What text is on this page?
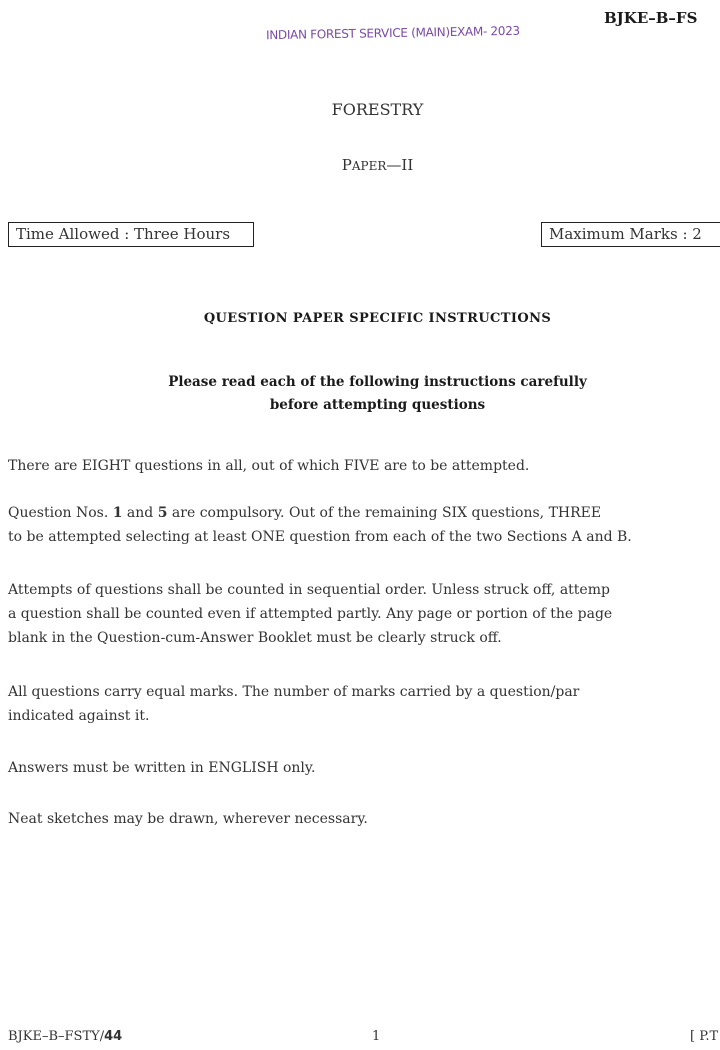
INDIAN FOREST SERVICE (MAIN)EXAM- 2023
BJKE–B–FS
FORESTRY
PAPER—II
Time Allowed : Three Hours	Maximum Marks : 2
QUESTION PAPER SPECIFIC INSTRUCTIONS
Please read each of the following instructions carefully
before attempting questions
There are EIGHT questions in all, out of which FIVE are to be attempted.
Question Nos. 1 and 5 are compulsory. Out of the remaining SIX questions, THREE
to be attempted selecting at least ONE question from each of the two Sections A and B.
Attempts of questions shall be counted in sequential order. Unless struck off, attemp
a question shall be counted even if attempted partly. Any page or portion of the page
blank in the Question-cum-Answer Booklet must be clearly struck off.
All questions carry equal marks. The number of marks carried by a question/par
indicated against it.
Answers must be written in ENGLISH only.
Neat sketches may be drawn, wherever necessary.
BJKE–B–FSTY/44	1	[ P.T
